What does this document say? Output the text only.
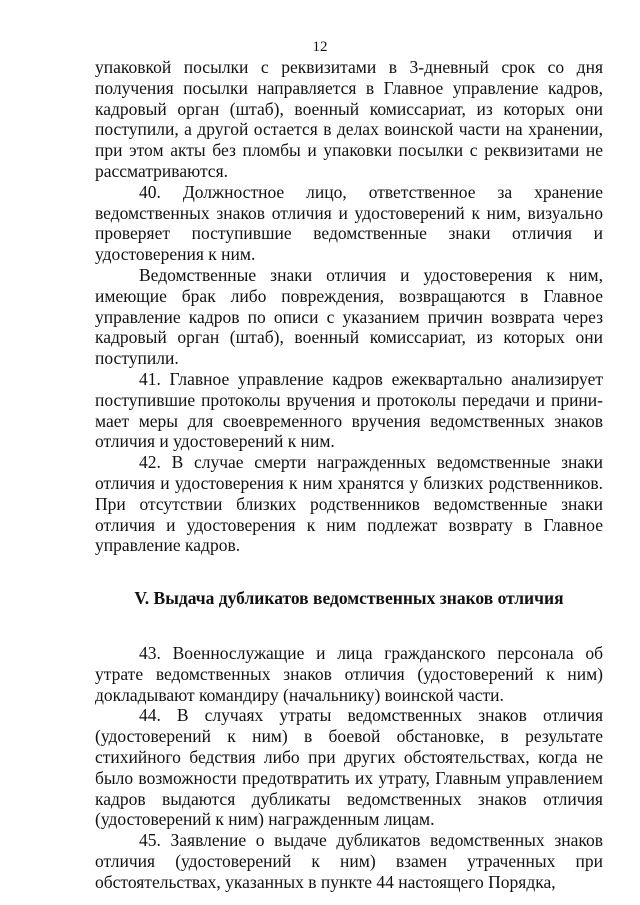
12

упаковкой посылки с реквизитами в 3-дневный срок со дня получения посылки направляется в Главное управление кадров, кадровый орган (штаб), военный комиссариат, из которых они поступили, а другой остается в делах воинской части на хранении, при этом акты без пломбы и упаковки посылки с реквизитами не рассматриваются.

40. Должностное лицо, ответственное за хранение ведомственных знаков отличия и удостоверений к ним, визуально проверяет поступившие ведомственные знаки отличия и удостоверения к ним.

Ведомственные знаки отличия и удостоверения к ним, имеющие брак либо повреждения, возвращаются в Главное управление кадров по описи с указанием причин возврата через кадровый орган (штаб), военный комиссариат, из которых они поступили.

41. Главное управление кадров ежеквартально анализирует поступившие протоколы вручения и протоколы передачи и принимает меры для своевременного вручения ведомственных знаков отличия и удостоверений к ним.

42. В случае смерти награжденных ведомственные знаки отличия и удостоверения к ним хранятся у близких родственников. При отсутствии близких родственников ведомственные знаки отличия и удостоверения к ним подлежат возврату в Главное управление кадров.

V. Выдача дубликатов ведомственных знаков отличия

43. Военнослужащие и лица гражданского персонала об утрате ведомственных знаков отличия (удостоверений к ним) докладывают командиру (начальнику) воинской части.

44. В случаях утраты ведомственных знаков отличия (удостоверений к ним) в боевой обстановке, в результате стихийного бедствия либо при других обстоятельствах, когда не было возможности предотвратить их утрату, Главным управлением кадров выдаются дубликаты ведомственных знаков отличия (удостоверений к ним) награжденным лицам.

45. Заявление о выдаче дубликатов ведомственных знаков отличия (удостоверений к ним) взамен утраченных при обстоятельствах, указанных в пункте 44 настоящего Порядка,
